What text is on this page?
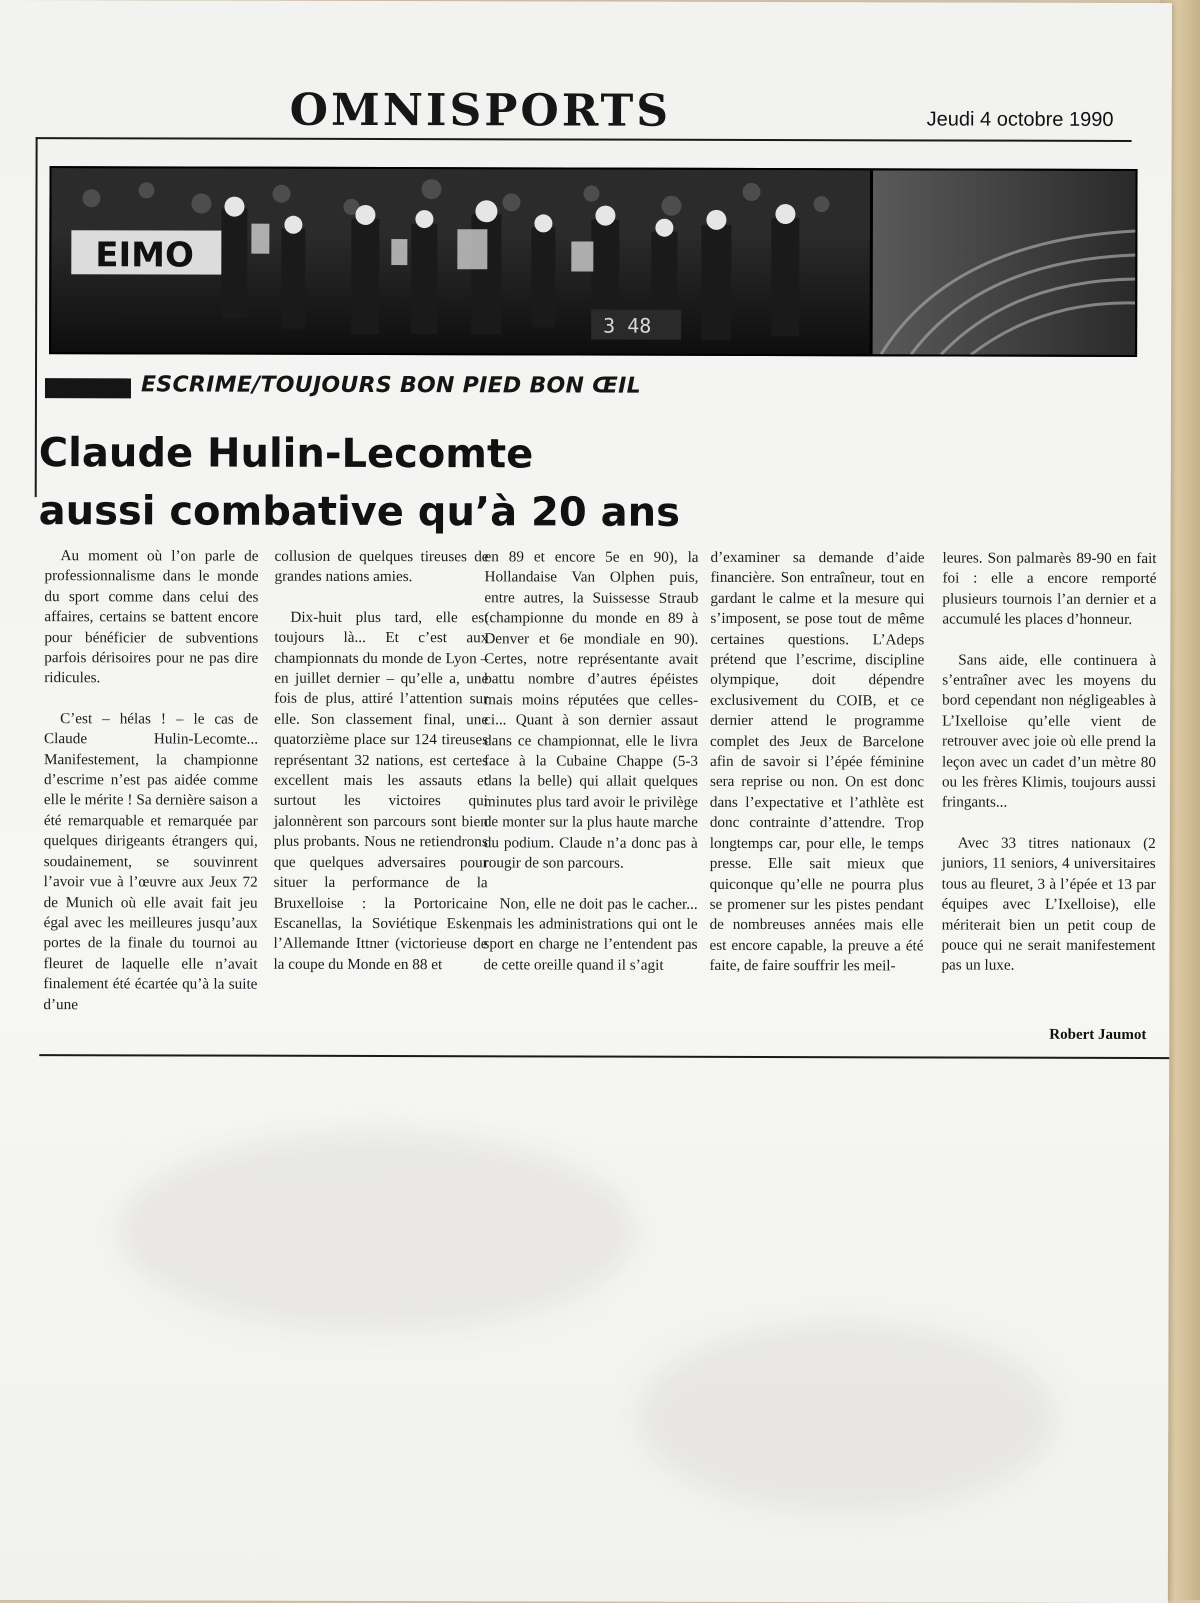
OMNISPORTS	Jeudi 4 octobre 1990
EIMO
3 48
ESCRIME/TOUJOURS BON PIED BON ŒIL
Claude Hulin-Lecomte
aussi combative qu’à 20 ans

Au moment où l’on parle de professionnalisme dans le monde du sport comme dans celui des affaires, certains se battent encore pour bénéficier de subventions parfois dérisoires pour ne pas dire ridicules.

C’est – hélas ! – le cas de Claude Hulin-Lecomte... Manifestement, la championne d’escrime n’est pas aidée comme elle le mérite ! Sa dernière saison a été remarquable et remarquée par quelques dirigeants étrangers qui, soudainement, se souvinrent l’avoir vue à l’œuvre aux Jeux 72 de Munich où elle avait fait jeu égal avec les meilleures jusqu’aux portes de la finale du tournoi au fleuret de laquelle elle n’avait finalement été écartée qu’à la suite d’une

collusion de quelques tireuses de grandes nations amies.

Dix-huit plus tard, elle est toujours là... Et c’est aux championnats du monde de Lyon – en juillet dernier – qu’elle a, une fois de plus, attiré l’attention sur elle. Son classement final, une quatorzième place sur 124 tireuses représentant 32 nations, est certes excellent mais les assauts et surtout les victoires qui jalonnèrent son parcours sont bien plus probants. Nous ne retiendrons que quelques adversaires pour situer la performance de la Bruxelloise : la Portoricaine Escanellas, la Soviétique Esken, l’Allemande Ittner (victorieuse de la coupe du Monde en 88 et

en 89 et encore 5e en 90), la Hollandaise Van Olphen puis, entre autres, la Suissesse Straub (championne du monde en 89 à Denver et 6e mondiale en 90). Certes, notre représentante avait battu nombre d’autres épéistes mais moins réputées que celles-ci... Quant à son dernier assaut dans ce championnat, elle le livra face à la Cubaine Chappe (5-3 dans la belle) qui allait quelques minutes plus tard avoir le privilège de monter sur la plus haute marche du podium. Claude n’a donc pas à rougir de son parcours.

Non, elle ne doit pas le cacher... mais les administrations qui ont le sport en charge ne l’entendent pas de cette oreille quand il s’agit

d’examiner sa demande d’aide financière. Son entraîneur, tout en gardant le calme et la mesure qui s’imposent, se pose tout de même certaines questions. L’Adeps prétend que l’escrime, discipline olympique, doit dépendre exclusivement du COIB, et ce dernier attend le programme complet des Jeux de Barcelone afin de savoir si l’épée féminine sera reprise ou non. On est donc dans l’expectative et l’athlète est donc contrainte d’attendre. Trop longtemps car, pour elle, le temps presse. Elle sait mieux que quiconque qu’elle ne pourra plus se promener sur les pistes pendant de nombreuses années mais elle est encore capable, la preuve a été faite, de faire souffrir les meil-

leures. Son palmarès 89-90 en fait foi : elle a encore remporté plusieurs tournois l’an dernier et a accumulé les places d’honneur.

Sans aide, elle continuera à s’entraîner avec les moyens du bord cependant non négligeables à L’Ixelloise qu’elle vient de retrouver avec joie où elle prend la leçon avec un cadet d’un mètre 80 ou les frères Klimis, toujours aussi fringants...

Avec 33 titres nationaux (2 juniors, 11 seniors, 4 universitaires tous au fleuret, 3 à l’épée et 13 par équipes avec L’Ixelloise), elle mériterait bien un petit coup de pouce qui ne serait manifestement pas un luxe.

Robert Jaumot
